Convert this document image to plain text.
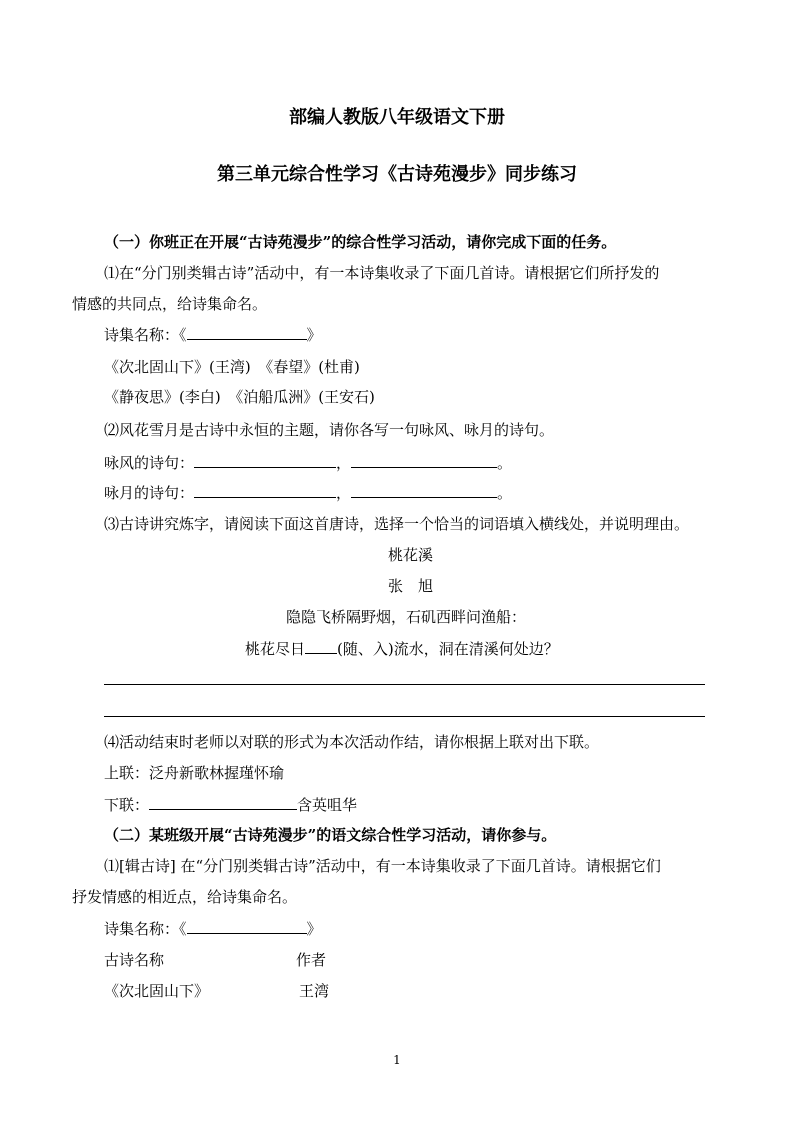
部编人教版八年级语文下册
第三单元综合性学习《古诗苑漫步》同步练习
（一）你班正在开展“古诗苑漫步”的综合性学习活动，请你完成下面的任务。
⑴在“分门别类辑古诗”活动中，有一本诗集收录了下面几首诗。请根据它们所抒发的
情感的共同点，给诗集命名。
诗集名称：《	》
《次北固山下》(王湾)　《春望》(杜甫)
《静夜思》(李白)　《泊船瓜洲》(王安石)
⑵风花雪月是古诗中永恒的主题，请你各写一句咏风、咏月的诗句。
咏风的诗句：	，	。
咏月的诗句：	，	。
⑶古诗讲究炼字，请阅读下面这首唐诗，选择一个恰当的词语填入横线处，并说明理由。
桃花溪
张　旭
隐隐飞桥隔野烟，石矶西畔问渔船：
桃花尽日 (随、入)流水，洞在清溪何处边？
⑷活动结束时老师以对联的形式为本次活动作结，请你根据上联对出下联。
上联：泛舟新歌林握瑾怀瑜
下联：	含英咀华
（二）某班级开展“古诗苑漫步”的语文综合性学习活动，请你参与。
⑴[辑古诗] 在“分门别类辑古诗”活动中，有一本诗集收录了下面几首诗。请根据它们
抒发情感的相近点，给诗集命名。
诗集名称：《	》
古诗名称	作者
《次北固山下》	王湾
1
